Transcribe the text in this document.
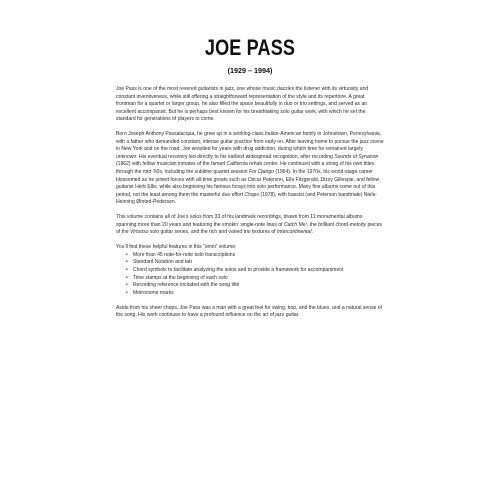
JOE PASS
(1929 – 1994)

Joe Pass is one of the most revered guitarists in jazz, one whose music dazzles the listener with its virtuosity and constant inventiveness, while still offering a straightforward representation of the style and its repertoire. A great frontman for a quartet or larger group, he also filled the space beautifully in duo or trio settings, and served as an excellent accompanist. But he is perhaps best known for his breathtaking solo guitar work, with which he set the standard for generations of players to come.

Born Joseph Anthony Passalacqua, he grew up in a working-class Italian-American family in Johnstown, Pennsylvania, with a father who demanded constant, intense guitar practice from early on. After leaving home to pursue the jazz scene in New York and on the road, Joe wrestled for years with drug addiction, during which time he remained largely unknown. His eventual recovery led directly to his earliest widespread recognition, after recording Sounds of Synanon (1962) with fellow musician inmates of the famed California rehab center. He continued with a string of his own titles through the mid-’60s, including the sublime quartet session For Django (1964). In the 1970s, his world-stage career blossomed as he joined forces with all-time greats such as Oscar Peterson, Ella Fitzgerald, Dizzy Gillespie, and fellow guitarist Herb Ellis, while also beginning his famous forays into solo performance. Many fine albums come out of this period, not the least among them the masterful duo effort Chops (1978), with bassist (and Peterson bandmate) Niels-Henning Ørsted-Pedersen.

This volume contains all of Joe’s solos from 33 of his landmark recordings, drawn from 11 monumental albums spanning more than 20 years and featuring the smokin’ single-note lines of Catch Me!, the brilliant chord-melody pieces of the Virtuoso solo guitar series, and the rich and varied trio textures of Intercontinental.

You’ll find these helpful features in this “omni” volume:

• More than 45 note-for-note solo transcriptions
• Standard Notation and tab
• Chord symbols to facilitate analyzing the solos and to provide a framework for accompaniment
• Time stamps at the beginning of each solo
• Recording reference included with the song title
• Metronome marks

Aside from his sheer chops, Joe Pass was a man with a great feel for swing, bop, and the blues, and a natural sense of the song. His work continues to have a profound influence on the art of jazz guitar.
